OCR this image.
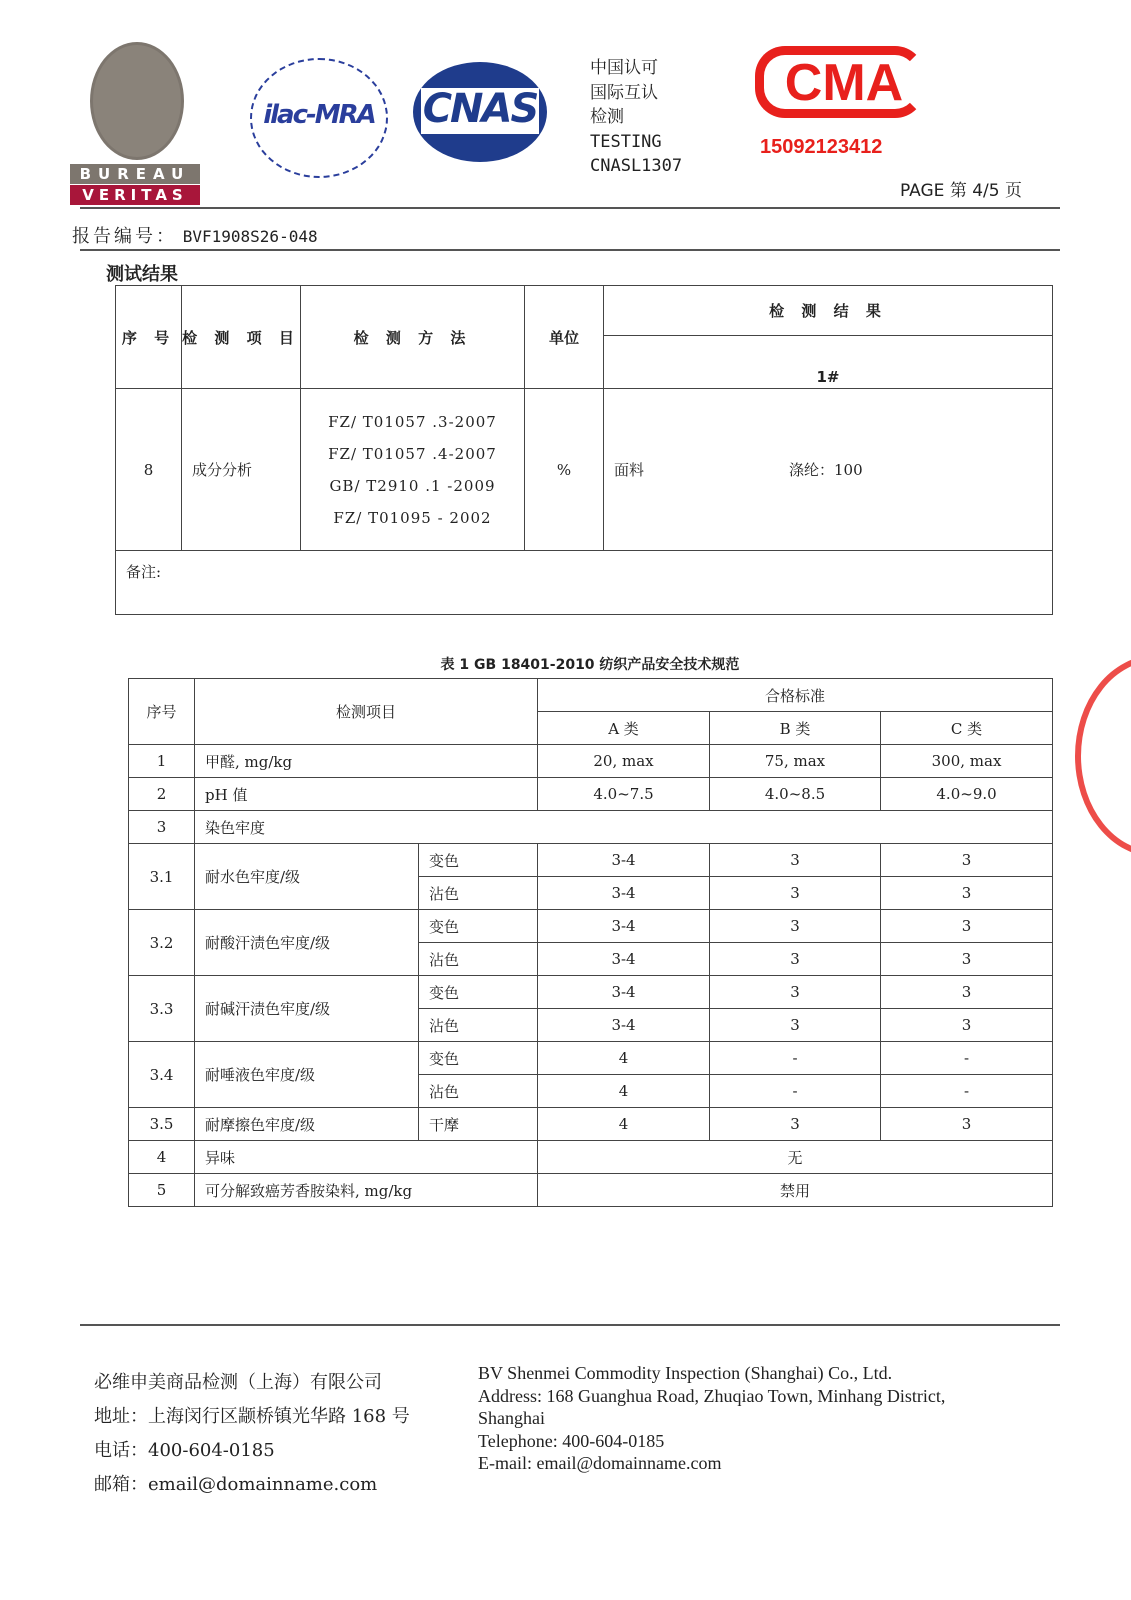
BUREAU
VERITAS
ilac-MRA CNAS
中国认可
国际互认
检测
TESTING
CNASL1307
CMA
15092123412
PAGE 第 4/5 页
报告编号： BVF1908S26-048
测试结果
序 号	检 测 项 目	检 测 方 法	单位	检 测 结 果
				1#
8	成分分析	FZ/ T01057 .3-2007
FZ/ T01057 .4-2007
GB/ T2910 .1 -2009
FZ/ T01095 - 2002	%	面料 涤纶：100
备注:				
表 1 GB 18401-2010 纺织产品安全技术规范
序号	检测项目		合格标准		
			A 类	B 类	C 类
1	甲醛, mg/kg		20, max	75, max	300, max
2	pH 值		4.0~7.5	4.0~8.5	4.0~9.0
3	染色牢度				
3.1	耐水色牢度/级	变色	3-4	3	3
		沾色	3-4	3	3
3.2	耐酸汗渍色牢度/级	变色	3-4	3	3
		沾色	3-4	3	3
3.3	耐碱汗渍色牢度/级	变色	3-4	3	3
		沾色	3-4	3	3
3.4	耐唾液色牢度/级	变色	4	-	-
		沾色	4	-	-
3.5	耐摩擦色牢度/级	干摩	4	3	3
4	异味		无		
5	可分解致癌芳香胺染料, mg/kg		禁用		
必维申美商品检测（上海）有限公司
地址：上海闵行区颛桥镇光华路 168 号
电话：400-604-0185
邮箱：email@domainname.com
BV Shenmei Commodity Inspection (Shanghai) Co., Ltd.
Address: 168 Guanghua Road, Zhuqiao Town, Minhang District,
Shanghai
Telephone: 400-604-0185
E-mail: email@domainname.com
